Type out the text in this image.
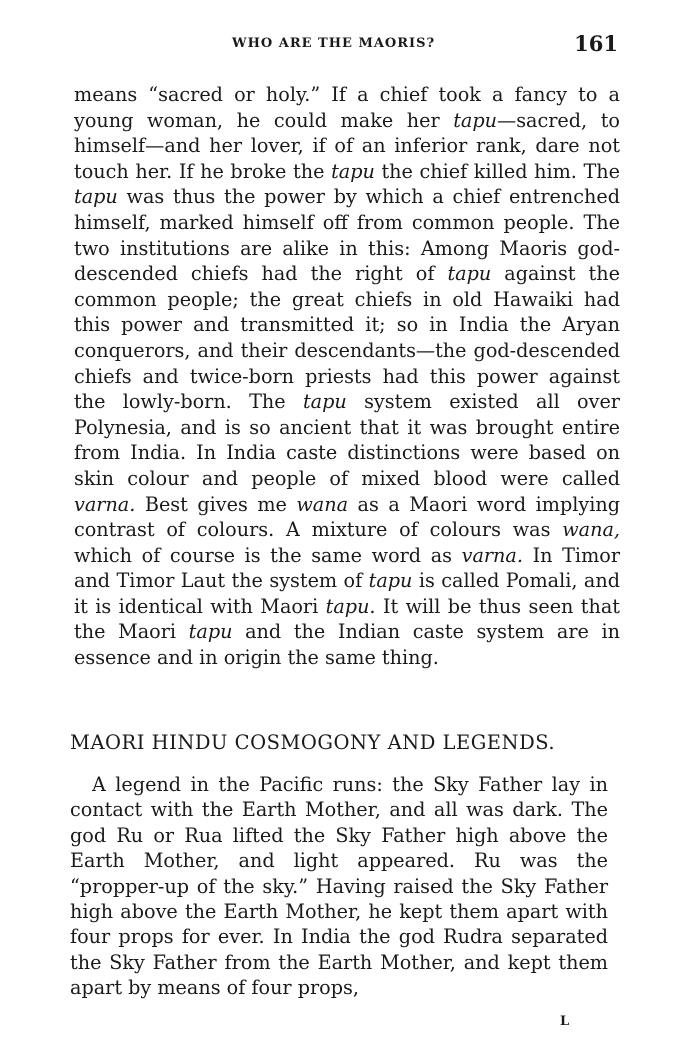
WHO ARE THE MAORIS?	161

means “sacred or holy.” If a chief took a fancy to a young woman, he could make her tapu—sacred, to himself—and her lover, if of an inferior rank, dare not touch her. If he broke the tapu the chief killed him. The tapu was thus the power by which a chief entrenched himself, marked himself off from common people. The two institutions are alike in this: Among Maoris god-descended chiefs had the right of tapu against the common people; the great chiefs in old Hawaiki had this power and transmitted it; so in India the Aryan conquerors, and their descendants—the god-descended chiefs and twice-born priests had this power against the lowly-born. The tapu system existed all over Polynesia, and is so ancient that it was brought entire from India. In India caste distinctions were based on skin colour and people of mixed blood were called varna. Best gives me wana as a Maori word implying contrast of colours. A mixture of colours was wana, which of course is the same word as varna. In Timor and Timor Laut the system of tapu is called Pomali, and it is identical with Maori tapu. It will be thus seen that the Maori tapu and the Indian caste system are in essence and in origin the same thing.

MAORI HINDU COSMOGONY AND LEGENDS.

A legend in the Pacific runs: the Sky Father lay in contact with the Earth Mother, and all was dark. The god Ru or Rua lifted the Sky Father high above the Earth Mother, and light appeared. Ru was the “propper-up of the sky.” Having raised the Sky Father high above the Earth Mother, he kept them apart with four props for ever. In India the god Rudra separated the Sky Father from the Earth Mother, and kept them apart by means of four props,

L
